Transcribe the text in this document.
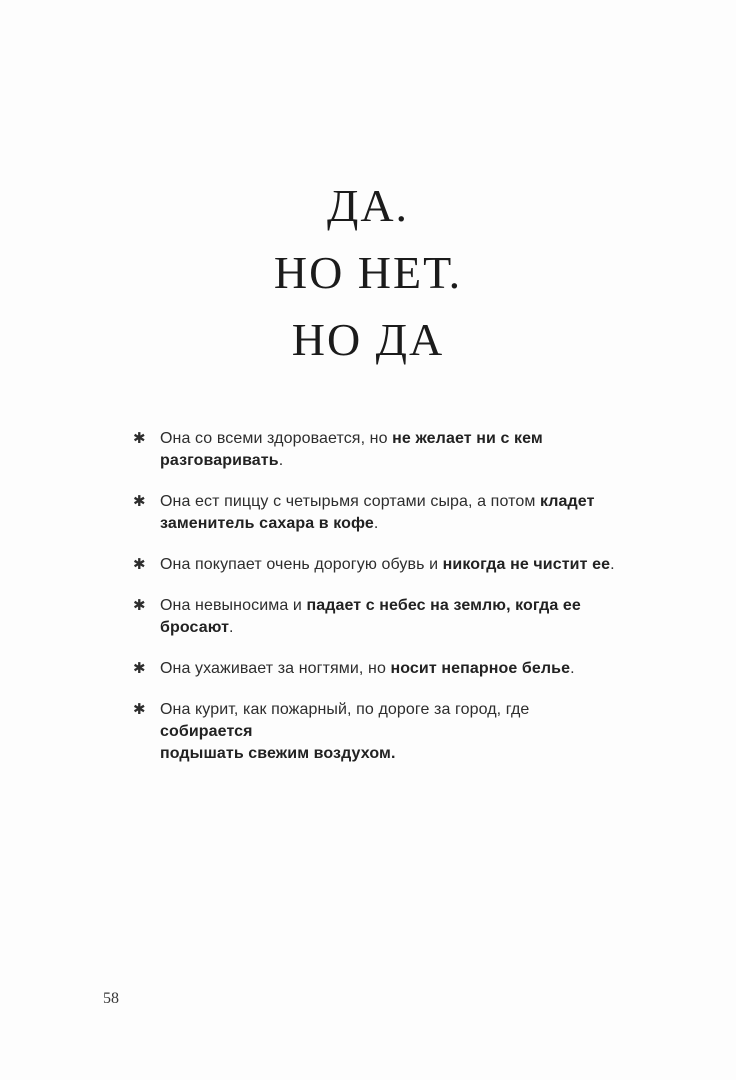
ДА.
НО НЕТ.
НО ДА
✱ Она со всеми здоровается, но не желает ни с кем
разговаривать.

✱ Она ест пиццу с четырьмя сортами сыра, а потом кладет
заменитель сахара в кофе.

✱ Она покупает очень дорогую обувь и никогда не чистит ее.

✱ Она невыносима и падает с небес на землю, когда ее
бросают.

✱ Она ухаживает за ногтями, но носит непарное белье.

✱ Она курит, как пожарный, по дороге за город, где собирается
подышать свежим воздухом.

58
